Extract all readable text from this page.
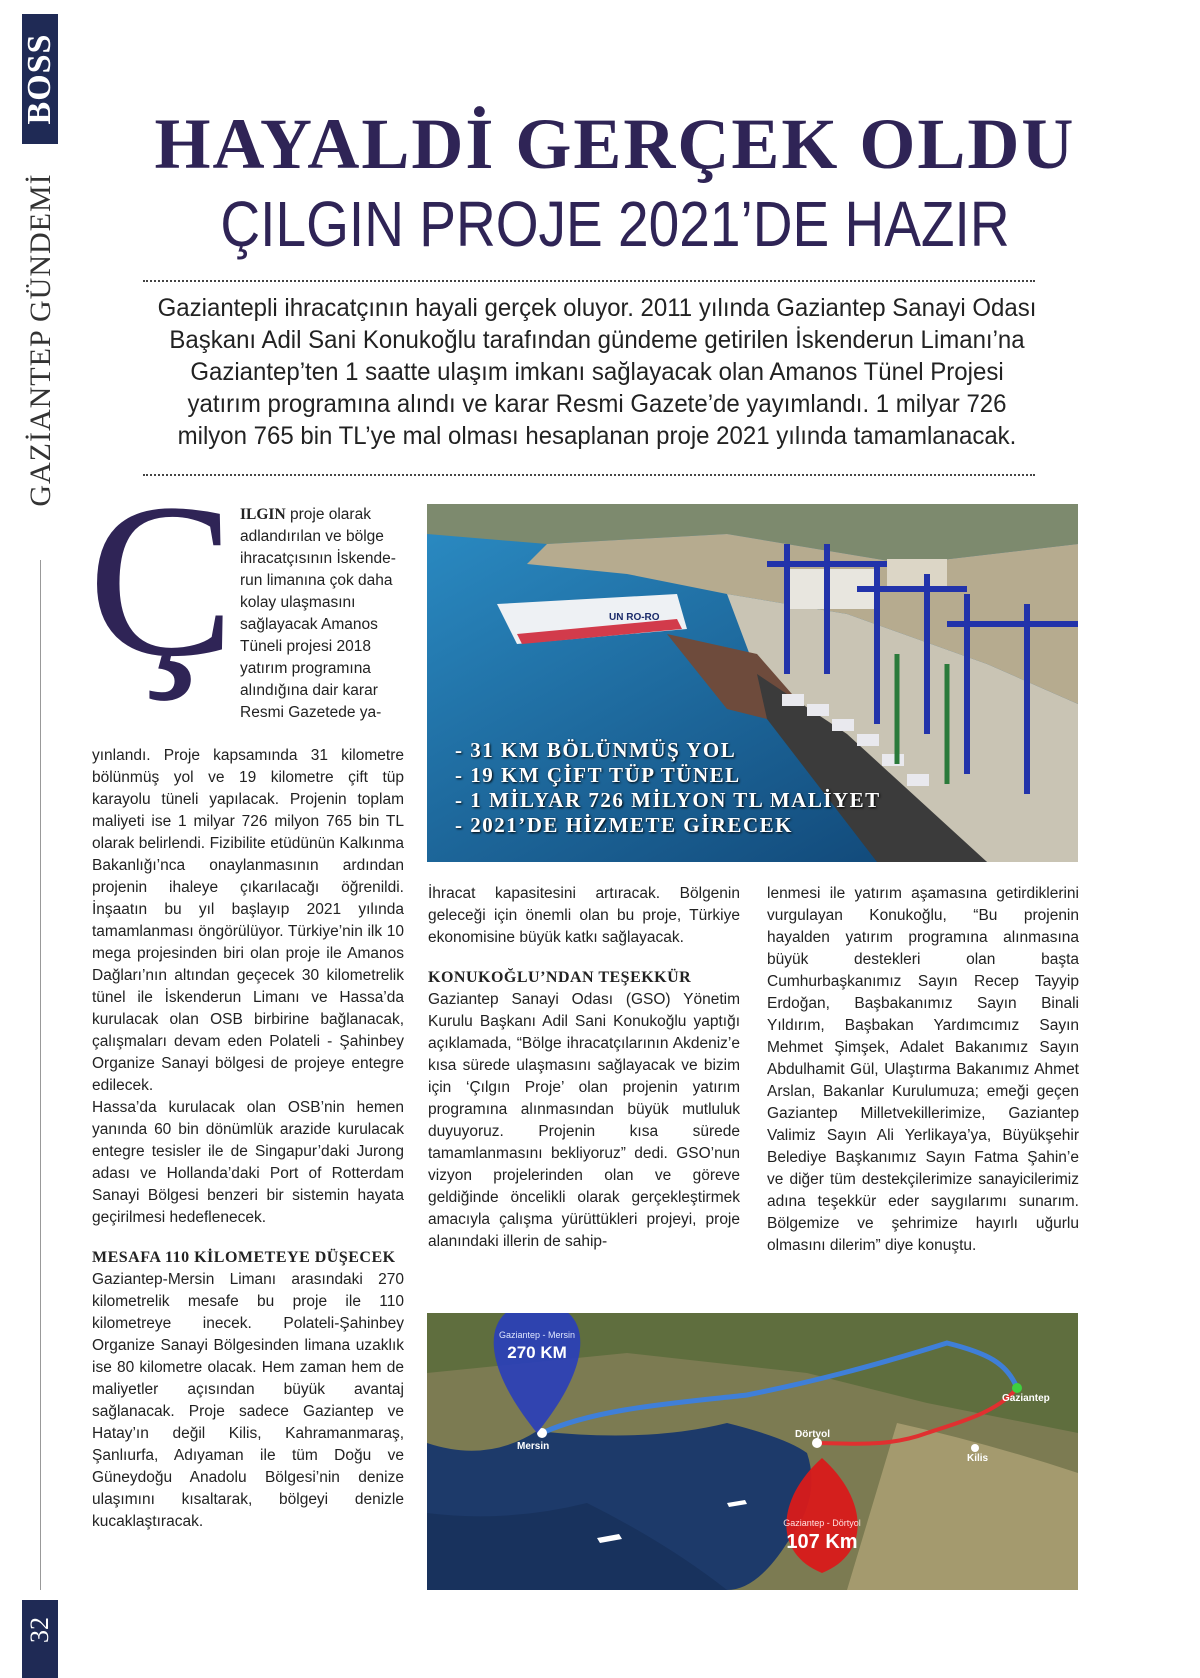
BOSS
GAZİANTEP GÜNDEMİ
32
HAYALDİ GERÇEK OLDU
ÇILGIN PROJE 2021’DE HAZIR
Gaziantepli ihracatçının hayali gerçek oluyor. 2011 yılında Gaziantep Sanayi Odası
Başkanı Adil Sani Konukoğlu tarafından gündeme getirilen İskenderun Limanı’na
Gaziantep’ten 1 saatte ulaşım imkanı sağlayacak olan Amanos Tünel Projesi
yatırım programına alındı ve karar Resmi Gazete’de yayımlandı. 1 milyar 726
milyon 765 bin TL’ye mal olması hesaplanan proje 2021 yılında tamamlanacak.
Ç ILGIN proje olarak

adlandırılan ve bölge

ihracatçısının İskende-

run limanına çok daha

kolay ulaşmasını

sağlayacak Amanos

Tüneli projesi 2018

yatırım programına

alındığına dair karar

Resmi Gazetede ya-

yınlandı. Proje kapsamında 31 kilometre bölünmüş yol ve 19 kilometre çift tüp karayolu tüneli yapılacak. Projenin toplam maliyeti ise 1 milyar 726 milyon 765 bin TL olarak belirlendi. Fizibilite etüdünün Kalkınma Bakanlığı’nca onaylanmasının ardından projenin ihaleye çıkarılacağı öğrenildi. İnşaatın bu yıl başlayıp 2021 yılında tamamlanması öngörülüyor. Türkiye’nin ilk 10 mega projesinden biri olan proje ile Amanos Dağları’nın altından geçecek 30 kilometrelik tünel ile İskenderun Limanı ve Hassa’da kurulacak olan OSB birbirine bağlanacak, çalışmaları devam eden Polateli - Şahinbey Organize Sanayi bölgesi de projeye entegre edilecek.

Hassa’da kurulacak olan OSB’nin hemen yanında 60 bin dönümlük arazide kurulacak entegre tesisler ile de Singapur’daki Jurong adası ve Hollanda’daki Port of Rotterdam Sanayi Bölgesi benzeri bir sistemin hayata geçirilmesi hedeflenecek.

MESAFA 110 KİLOMETEYE DÜŞECEK

Gaziantep-Mersin Limanı arasındaki 270 kilometrelik mesafe bu proje ile 110 kilometreye inecek. Polateli-Şahinbey Organize Sanayi Bölgesinden limana uzaklık ise 80 kilometre olacak. Hem zaman hem de maliyetler açısından büyük avantaj sağlanacak. Proje sadece Gaziantep ve Hatay’ın değil Kilis, Kahramanmaraş, Şanlıurfa, Adıyaman ile tüm Doğu ve Güneydoğu Anadolu Bölgesi’nin denize ulaşımını kısaltarak, bölgeyi denizle kucaklaştıracak.

- 31 KM BÖLÜNMÜŞ YOL
- 19 KM ÇİFT TÜP TÜNEL
- 1 MİLYAR 726 MİLYON TL MALİYET
- 2021’DE HİZMETE GİRECEK
UN RO-RO

İhracat kapasitesini artıracak. Bölgenin geleceği için önemli olan bu proje, Türkiye ekonomisine büyük katkı sağlayacak.

KONUKOĞLU’NDAN TEŞEKKÜR

Gaziantep Sanayi Odası (GSO) Yönetim Kurulu Başkanı Adil Sani Konukoğlu yaptığı açıklamada, “Bölge ihracatçılarının Akdeniz’e kısa sürede ulaşmasını sağlayacak ve bizim için ‘Çılgın Proje’ olan projenin yatırım programına alınmasından büyük mutluluk duyuyoruz. Projenin kısa sürede tamamlanmasını bekliyoruz” dedi. GSO’nun vizyon projelerinden olan ve göreve geldiğinde öncelikli olarak gerçekleştirmek amacıyla çalışma yürüttükleri projeyi, proje alanındaki illerin de sahip-

lenmesi ile yatırım aşamasına getirdiklerini vurgulayan Konukoğlu, “Bu projenin hayalden yatırım programına alınmasına büyük destekleri olan başta Cumhurbaşkanımız Sayın Recep Tayyip Erdoğan, Başbakanımız Sayın Binali Yıldırım, Başbakan Yardımcımız Sayın Mehmet Şimşek, Adalet Bakanımız Sayın Abdulhamit Gül, Ulaştırma Bakanımız Ahmet Arslan, Bakanlar Kurulumuza; emeği geçen Gaziantep Milletvekillerimize, Gaziantep Valimiz Sayın Ali Yerlikaya’ya, Büyükşehir Belediye Başkanımız Sayın Fatma Şahin’e ve diğer tüm destekçilerimize sanayicilerimiz adına teşekkür eder saygılarımı sunarım. Bölgemize ve şehrimize hayırlı uğurlu olmasını dilerim” diye konuştu.

Gaziantep - Mersin
270 KM
Gaziantep - Dörtyol
107 Km
Mersin
Dörtyol
Gaziantep
Kilis
